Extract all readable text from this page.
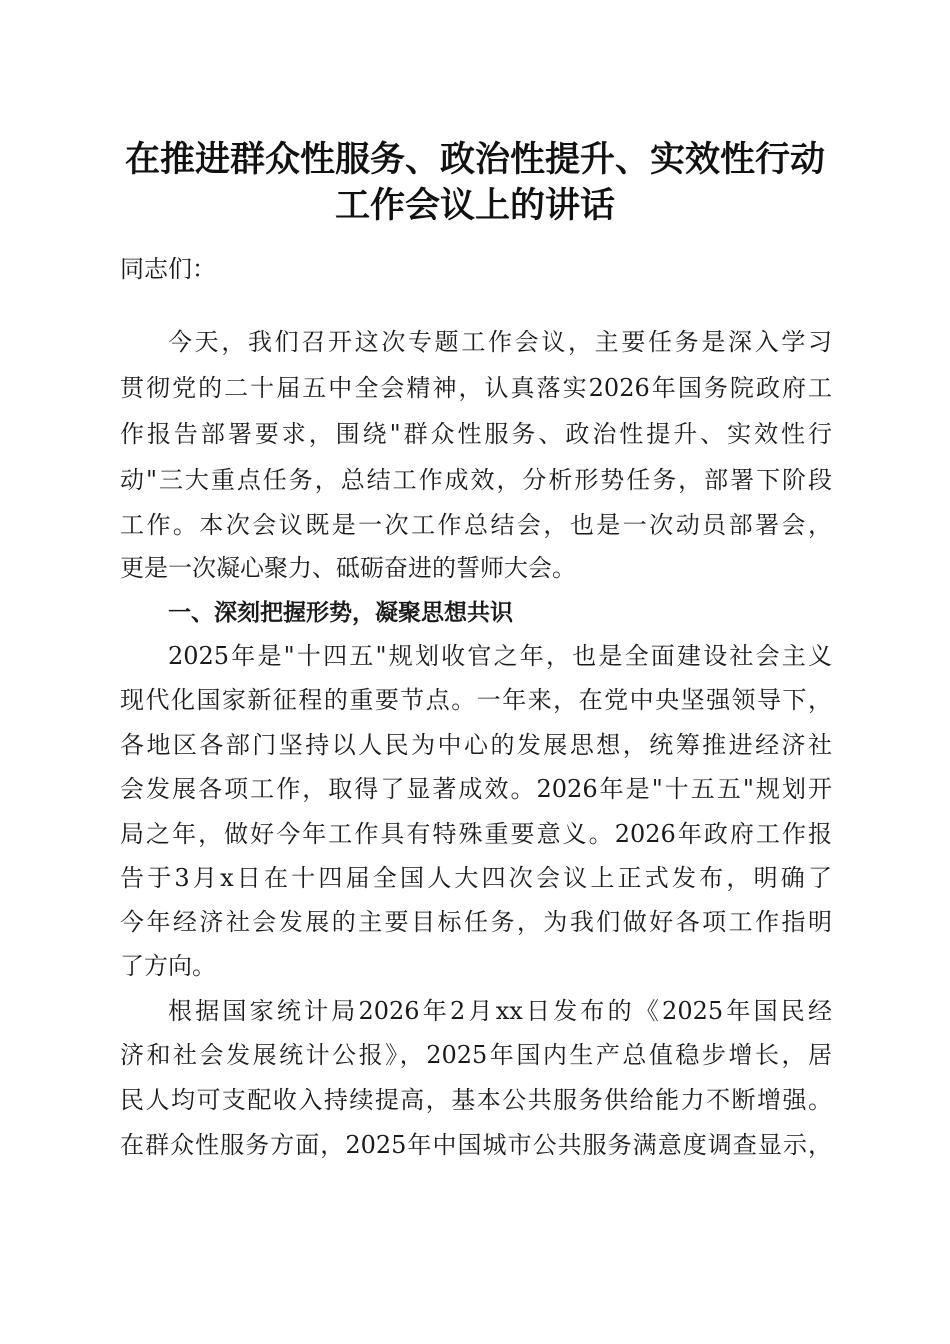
在推进群众性服务、政治性提升、实效性行动
工作会议上的讲话
同志们：
今天，我们召开这次专题工作会议，主要任务是深入学习
贯彻党的二十届五中全会精神，认真落实2026年国务院政府工
作报告部署要求，围绕"群众性服务、政治性提升、实效性行
动"三大重点任务，总结工作成效，分析形势任务，部署下阶段
工作。本次会议既是一次工作总结会，也是一次动员部署会，
更是一次凝心聚力、砥砺奋进的誓师大会。
一、深刻把握形势，凝聚思想共识
2025年是"十四五"规划收官之年，也是全面建设社会主义
现代化国家新征程的重要节点。一年来，在党中央坚强领导下，
各地区各部门坚持以人民为中心的发展思想，统筹推进经济社
会发展各项工作，取得了显著成效。2026年是"十五五"规划开
局之年，做好今年工作具有特殊重要意义。2026年政府工作报
告于3月x日在十四届全国人大四次会议上正式发布，明确了
今年经济社会发展的主要目标任务，为我们做好各项工作指明
了方向。
根据国家统计局2026年2月xx日发布的《2025年国民经
济和社会发展统计公报》，2025年国内生产总值稳步增长，居
民人均可支配收入持续提高，基本公共服务供给能力不断增强。
在群众性服务方面，2025年中国城市公共服务满意度调查显示，
